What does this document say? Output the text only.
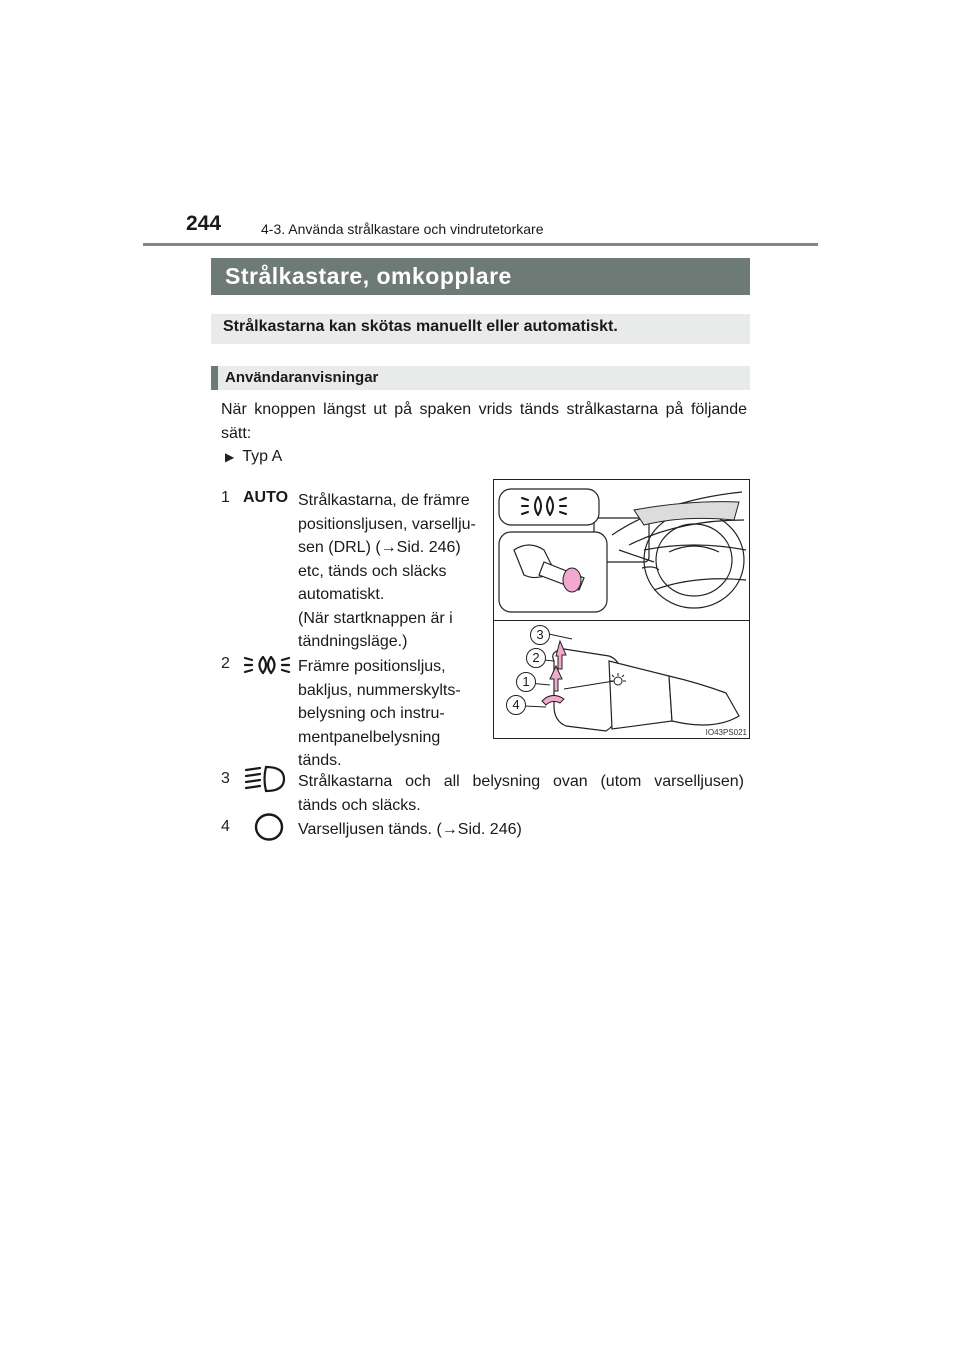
244	4-3. Använda strålkastare och vindrutetorkare
Strålkastare, omkopplare
Strålkastarna kan skötas manuellt eller automatiskt.
Användaranvisningar
När knoppen längst ut på spaken vrids tänds strålkastarna på följande sätt:
▶ Typ A
1 AUTO Strålkastarna, de främre
positionsljusen, varsellju-
sen (DRL) (→Sid. 246)
etc, tänds och släcks
automatiskt.
(När startknappen är i
tändningsläge.)
2	Främre positionsljus,
bakljus, nummerskylts-
belysning och instru-
mentpanelbelysning
tänds.
3	Strålkastarna och all belysning ovan (utom varselljusen)
tänds och släcks.
4	Varselljusen tänds. (→Sid. 246)
3
2
1
4
IO43PS021
